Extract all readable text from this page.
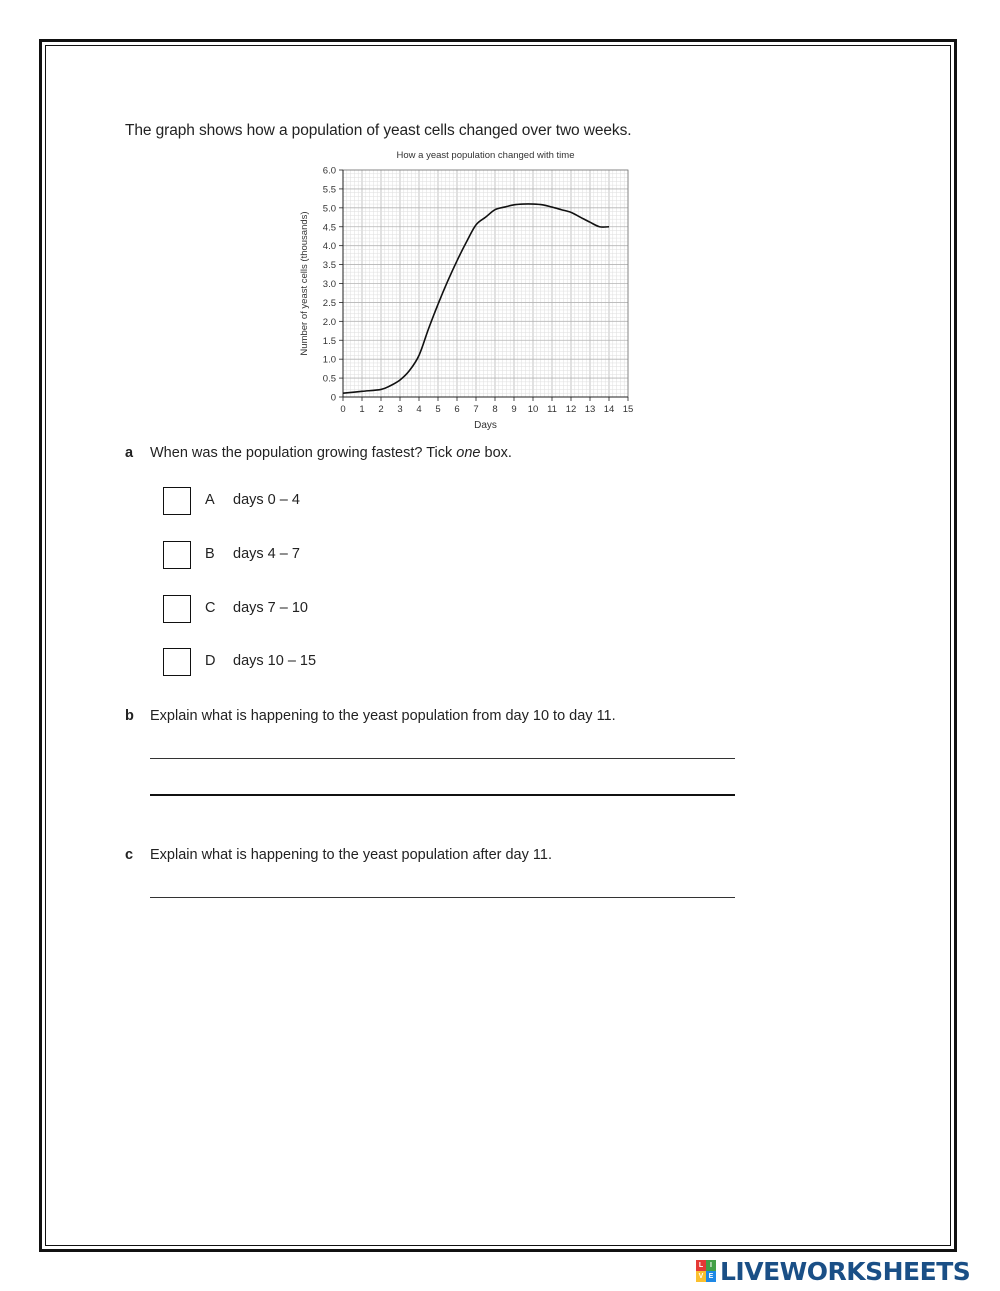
The graph shows how a population of yeast cells changed over two weeks.
0 1 2 3 4 5 6 7 8 9 10 11 12 13 14 15
0
0.5
1.0
1.5
2.0
2.5
3.0
3.5
4.0
4.5
5.0
5.5
6.0
How a yeast population changed with time
Days
Number of yeast cells (thousands)
a When was the population growing fastest? Tick one box.
A days 0 – 4
B days 4 – 7
C days 7 – 10
D days 10 – 15
b Explain what is happening to the yeast population from day 10 to day 11.
c Explain what is happening to the yeast population after day 11.
L I
V E LIVEWORKSHEETS
